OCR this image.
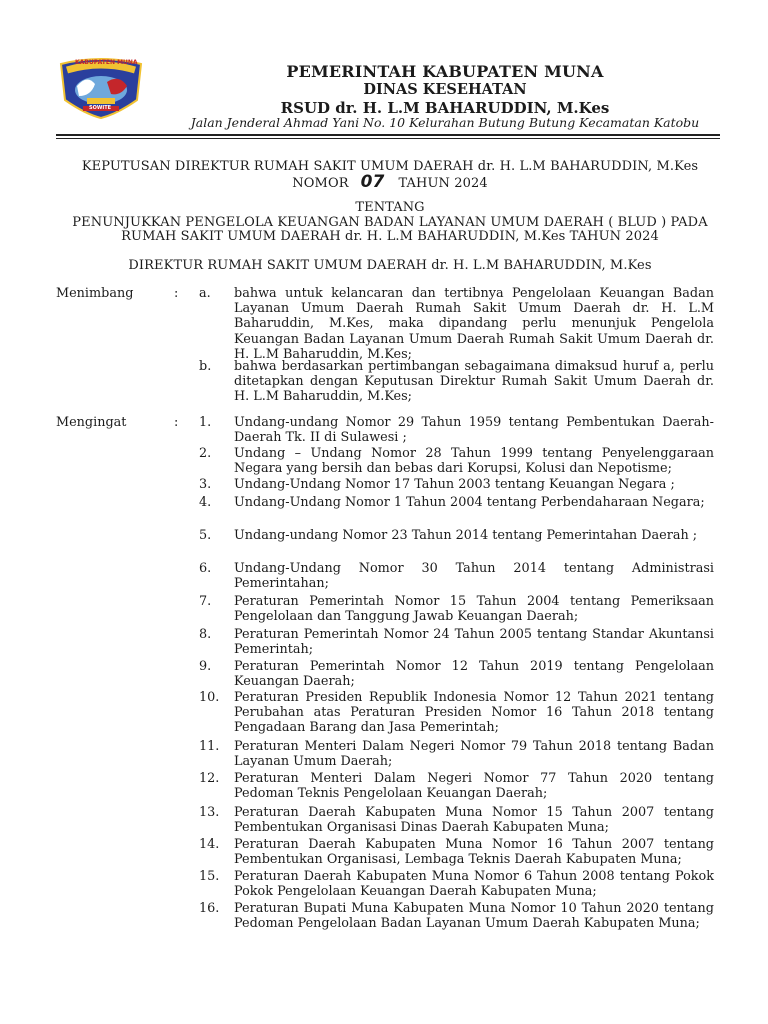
KABUPATEN MUNA
SOWITE
PEMERINTAH KABUPATEN MUNA
DINAS KESEHATAN
RSUD dr. H. L.M BAHARUDDIN, M.Kes
Jalan Jenderal Ahmad Yani No. 10 Kelurahan Butung Butung Kecamatan Katobu
KEPUTUSAN DIREKTUR RUMAH SAKIT UMUM DAERAH dr. H. L.M BAHARUDDIN, M.Kes
NOMOR 07 TAHUN 2024
TENTANG
PENUNJUKKAN PENGELOLA KEUANGAN BADAN LAYANAN UMUM DAERAH ( BLUD ) PADA
RUMAH SAKIT UMUM DAERAH dr. H. L.M BAHARUDDIN, M.Kes TAHUN 2024
DIREKTUR RUMAH SAKIT UMUM DAERAH dr. H. L.M BAHARUDDIN, M.Kes
Menimbang	: a.	bahwa untuk kelancaran dan tertibnya Pengelolaan Keuangan Badan Layanan Umum Daerah Rumah Sakit Umum Daerah dr. H. L.M Baharuddin, M.Kes, maka dipandang perlu menunjuk Pengelola Keuangan Badan Layanan Umum Daerah Rumah Sakit Umum Daerah dr. H. L.M Baharuddin, M.Kes;
b.	bahwa berdasarkan pertimbangan sebagaimana dimaksud huruf a, perlu ditetapkan dengan Keputusan Direktur Rumah Sakit Umum Daerah dr. H. L.M Baharuddin, M.Kes;
Mengingat	: 1.	Undang-undang Nomor 29 Tahun 1959 tentang Pembentukan Daerah-Daerah Tk. II di Sulawesi ;
2.	Undang – Undang Nomor 28 Tahun 1999 tentang Penyelenggaraan Negara yang bersih dan bebas dari Korupsi, Kolusi dan Nepotisme;
3.	Undang-Undang Nomor 17 Tahun 2003 tentang Keuangan Negara ;
4.	Undang-Undang Nomor 1 Tahun 2004 tentang Perbendaharaan Negara;
5.	Undang-undang Nomor 23 Tahun 2014 tentang Pemerintahan Daerah ;
6.	Undang-Undang Nomor 30 Tahun 2014 tentang Administrasi Pemerintahan;
7.	Peraturan Pemerintah Nomor 15 Tahun 2004 tentang Pemeriksaan Pengelolaan dan Tanggung Jawab Keuangan Daerah;
8.	Peraturan Pemerintah Nomor 24 Tahun 2005 tentang Standar Akuntansi Pemerintah;
9.	Peraturan Pemerintah Nomor 12 Tahun 2019 tentang Pengelolaan Keuangan Daerah;
10.	Peraturan Presiden Republik Indonesia Nomor 12 Tahun 2021 tentang Perubahan atas Peraturan Presiden Nomor 16 Tahun 2018 tentang Pengadaan Barang dan Jasa Pemerintah;
11.	Peraturan Menteri Dalam Negeri Nomor 79 Tahun 2018 tentang Badan Layanan Umum Daerah;
12.	Peraturan Menteri Dalam Negeri Nomor 77 Tahun 2020 tentang Pedoman Teknis Pengelolaan Keuangan Daerah;
13.	Peraturan Daerah Kabupaten Muna Nomor 15 Tahun 2007 tentang Pembentukan Organisasi Dinas Daerah Kabupaten Muna;
14.	Peraturan Daerah Kabupaten Muna Nomor 16 Tahun 2007 tentang Pembentukan Organisasi, Lembaga Teknis Daerah Kabupaten Muna;
15.	Peraturan Daerah Kabupaten Muna Nomor 6 Tahun 2008 tentang Pokok Pokok Pengelolaan Keuangan Daerah Kabupaten Muna;
16.	Peraturan Bupati Muna Kabupaten Muna Nomor 10 Tahun 2020 tentang Pedoman Pengelolaan Badan Layanan Umum Daerah Kabupaten Muna;
